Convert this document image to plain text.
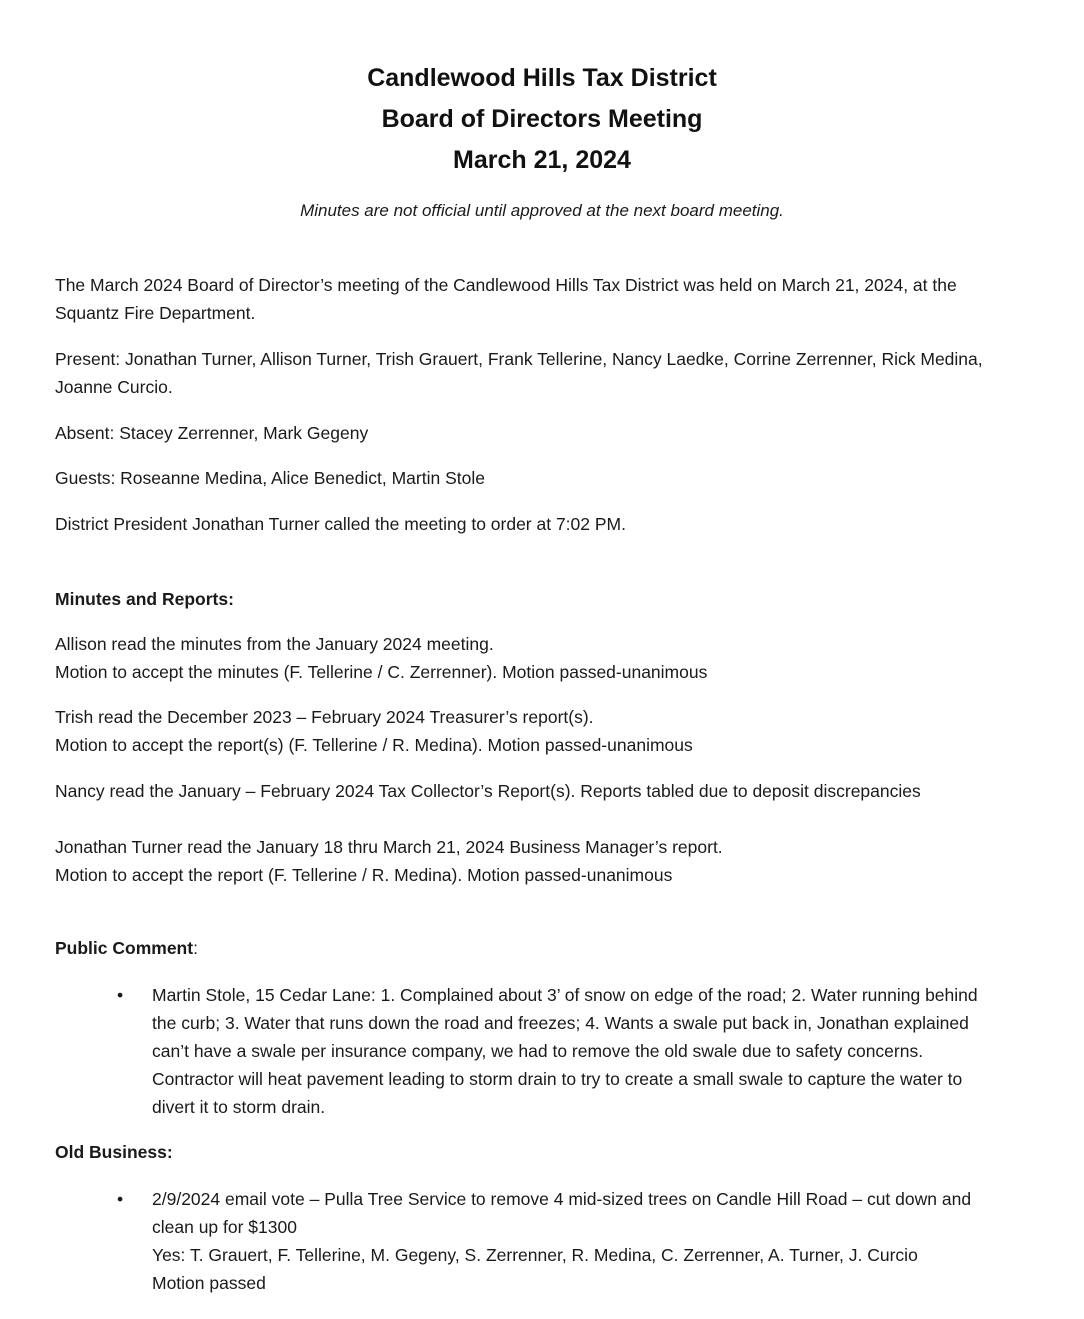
Candlewood Hills Tax District
Board of Directors Meeting
March 21, 2024
Minutes are not official until approved at the next board meeting.
The March 2024 Board of Director’s meeting of the Candlewood Hills Tax District was held on March 21, 2024, at the
Squantz Fire Department.
Present: Jonathan Turner, Allison Turner, Trish Grauert, Frank Tellerine, Nancy Laedke, Corrine Zerrenner, Rick Medina,
Joanne Curcio.
Absent: Stacey Zerrenner, Mark Gegeny
Guests: Roseanne Medina, Alice Benedict, Martin Stole
District President Jonathan Turner called the meeting to order at 7:02 PM.
Minutes and Reports:
Allison read the minutes from the January 2024 meeting.
Motion to accept the minutes (F. Tellerine / C. Zerrenner). Motion passed-unanimous
Trish read the December 2023 – February 2024 Treasurer’s report(s).
Motion to accept the report(s) (F. Tellerine / R. Medina). Motion passed-unanimous
Nancy read the January – February 2024 Tax Collector’s Report(s). Reports tabled due to deposit discrepancies
Jonathan Turner read the January 18 thru March 21, 2024 Business Manager’s report.
Motion to accept the report (F. Tellerine / R. Medina). Motion passed-unanimous
Public Comment:
• Martin Stole, 15 Cedar Lane: 1. Complained about 3’ of snow on edge of the road; 2. Water running behind
the curb; 3. Water that runs down the road and freezes; 4. Wants a swale put back in, Jonathan explained
can’t have a swale per insurance company, we had to remove the old swale due to safety concerns.
Contractor will heat pavement leading to storm drain to try to create a small swale to capture the water to
divert it to storm drain.
Old Business:
• 2/9/2024 email vote – Pulla Tree Service to remove 4 mid-sized trees on Candle Hill Road – cut down and
clean up for $1300
Yes: T. Grauert, F. Tellerine, M. Gegeny, S. Zerrenner, R. Medina, C. Zerrenner, A. Turner, J. Curcio
Motion passed
